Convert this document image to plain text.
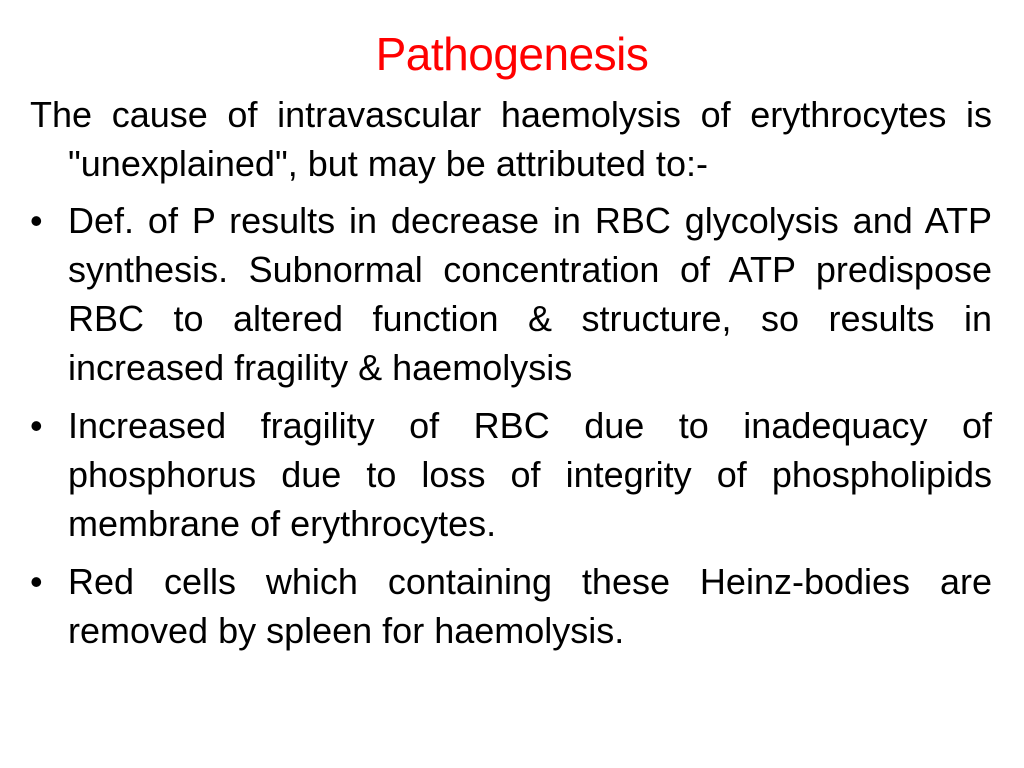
Pathogenesis

The cause of intravascular haemolysis of erythrocytes is "unexplained", but may be attributed to:-

• Def. of P results in decrease in RBC glycolysis and ATP synthesis. Subnormal concentration of ATP predispose RBC to altered function & structure, so results in increased fragility & haemolysis
• Increased fragility of RBC due to inadequacy of phosphorus due to loss of integrity of phospholipids membrane of erythrocytes.
• Red cells which containing these Heinz-bodies are removed by spleen for haemolysis.
